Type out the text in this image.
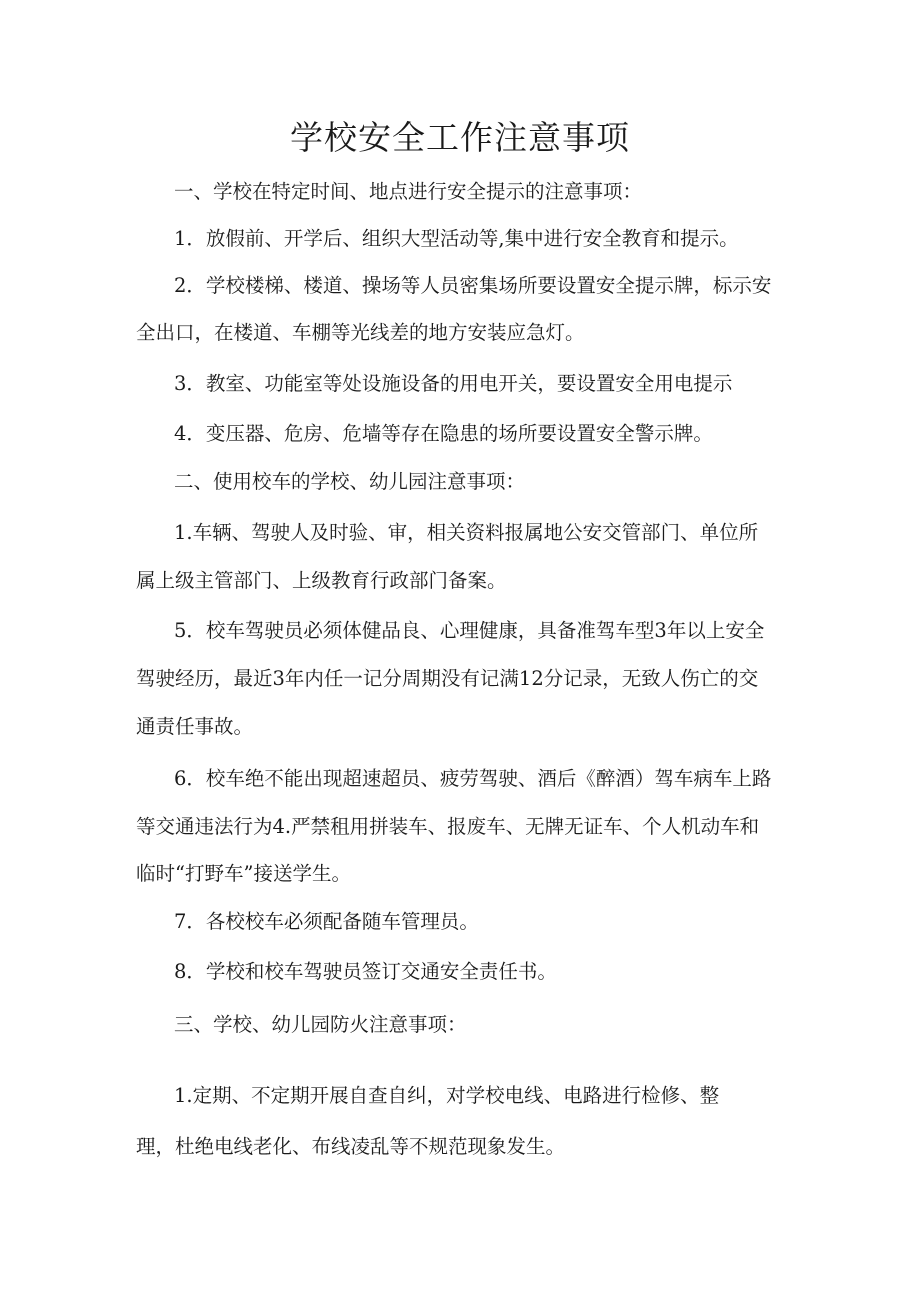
学校安全工作注意事项

一、学校在特定时间、地点进行安全提示的注意事项：

1．放假前、开学后、组织大型活动等,集中进行安全教育和提示。

2．学校楼梯、楼道、操场等人员密集场所要设置安全提示牌，标示安

全出口，在楼道、车棚等光线差的地方安装应急灯。

3．教室、功能室等处设施设备的用电开关，要设置安全用电提示

4．变压器、危房、危墙等存在隐患的场所要设置安全警示牌。

二、使用校车的学校、幼儿园注意事项：

1.车辆、驾驶人及时验、审，相关资料报属地公安交管部门、单位所

属上级主管部门、上级教育行政部门备案。

5．校车驾驶员必须体健品良、心理健康，具备准驾车型3年以上安全

驾驶经历，最近3年内任一记分周期没有记满12分记录，无致人伤亡的交

通责任事故。

6．校车绝不能出现超速超员、疲劳驾驶、酒后《醉酒）驾车病车上路

等交通违法行为4.严禁租用拼装车、报废车、无牌无证车、个人机动车和

临时“打野车”接送学生。

7．各校校车必须配备随车管理员。

8．学校和校车驾驶员签订交通安全责任书。

三、学校、幼儿园防火注意事项：

1.定期、不定期开展自查自纠，对学校电线、电路进行检修、整

理，杜绝电线老化、布线凌乱等不规范现象发生。
